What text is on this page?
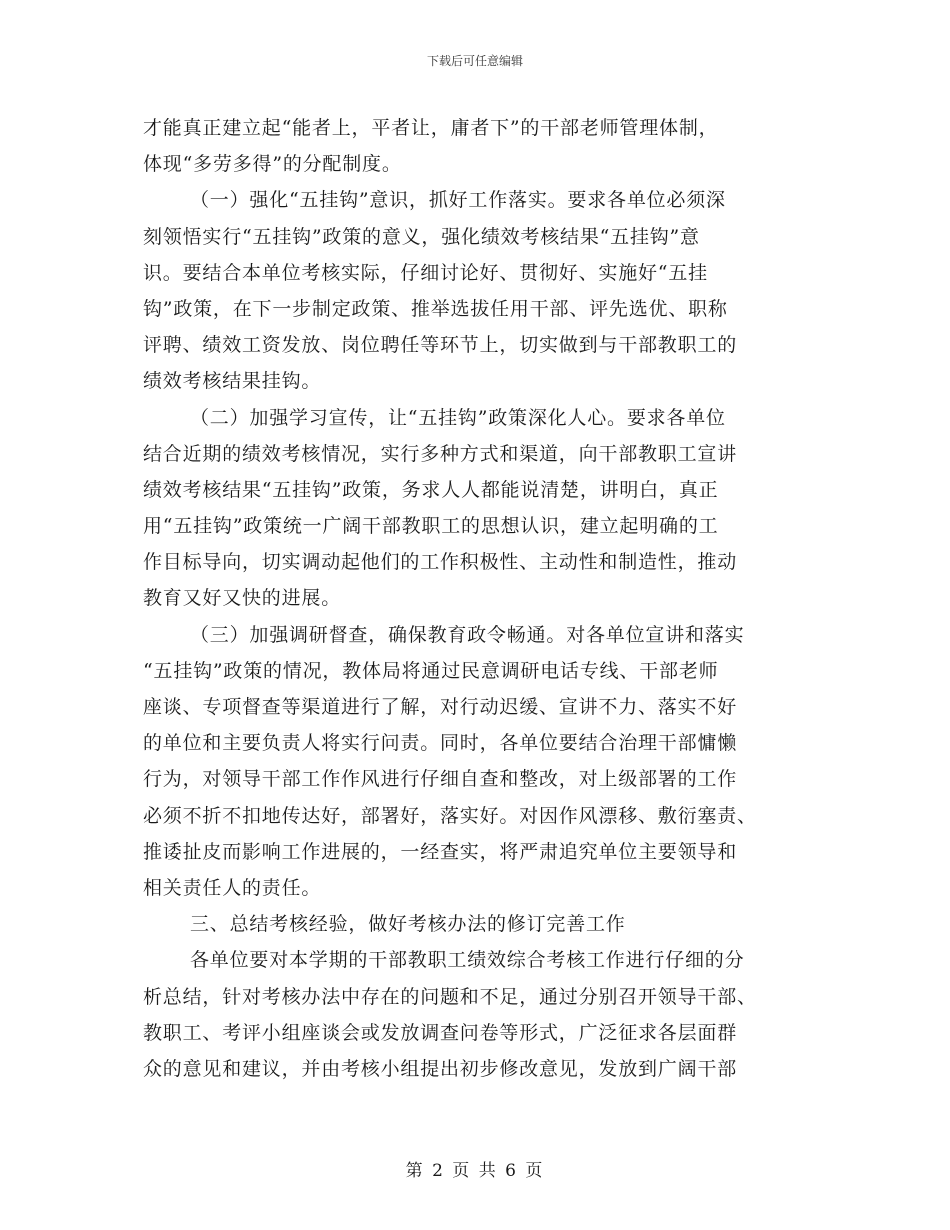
下载后可任意编辑
才能真正建立起“能者上，平者让，庸者下”的干部老师管理体制，
体现“多劳多得”的分配制度。
（一）强化“五挂钩”意识，抓好工作落实。要求各单位必须深
刻领悟实行“五挂钩”政策的意义，强化绩效考核结果“五挂钩”意
识。要结合本单位考核实际，仔细讨论好、贯彻好、实施好“五挂
钩”政策，在下一步制定政策、推举选拔任用干部、评先选优、职称
评聘、绩效工资发放、岗位聘任等环节上，切实做到与干部教职工的
绩效考核结果挂钩。
（二）加强学习宣传，让“五挂钩”政策深化人心。要求各单位
结合近期的绩效考核情况，实行多种方式和渠道，向干部教职工宣讲
绩效考核结果“五挂钩”政策，务求人人都能说清楚，讲明白，真正
用“五挂钩”政策统一广阔干部教职工的思想认识，建立起明确的工
作目标导向，切实调动起他们的工作积极性、主动性和制造性，推动
教育又好又快的进展。
（三）加强调研督查，确保教育政令畅通。对各单位宣讲和落实
“五挂钩”政策的情况，教体局将通过民意调研电话专线、干部老师
座谈、专项督查等渠道进行了解，对行动迟缓、宣讲不力、落实不好
的单位和主要负责人将实行问责。同时，各单位要结合治理干部慵懒
行为，对领导干部工作作风进行仔细自查和整改，对上级部署的工作
必须不折不扣地传达好，部署好，落实好。对因作风漂移、敷衍塞责、
推诿扯皮而影响工作进展的，一经查实，将严肃追究单位主要领导和
相关责任人的责任。
三、总结考核经验，做好考核办法的修订完善工作
各单位要对本学期的干部教职工绩效综合考核工作进行仔细的分
析总结，针对考核办法中存在的问题和不足，通过分别召开领导干部、
教职工、考评小组座谈会或发放调查问卷等形式，广泛征求各层面群
众的意见和建议，并由考核小组提出初步修改意见，发放到广阔干部
第 2 页 共 6 页
